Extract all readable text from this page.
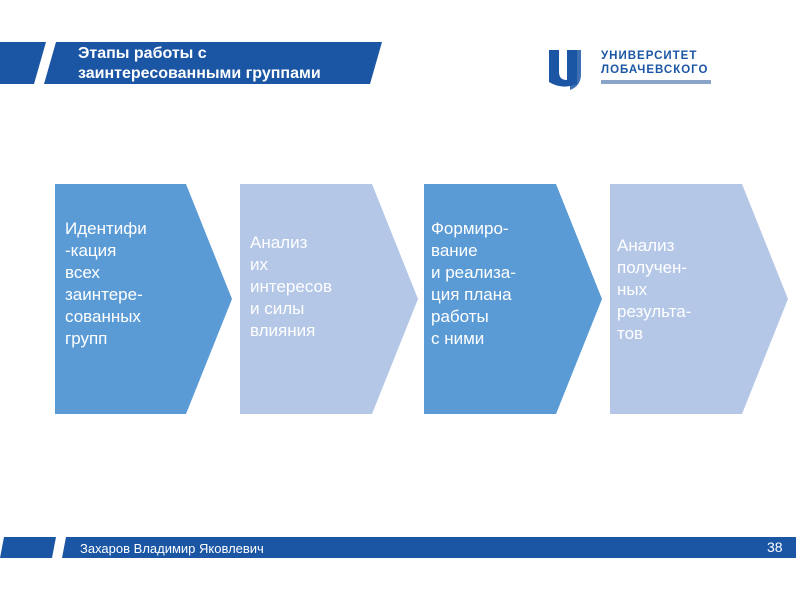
Этапы работы с
заинтересованными группами
УНИВЕРСИТЕТ
ЛОБАЧЕВСКОГО
Идентифи
-кация
всех
заинтере-
сованных
групп
Анализ
их
интересов
и силы
влияния
Формиро-
вание
и реализа-
ция плана
работы
с ними
Анализ
получен-
ных
результа-
тов
Захаров Владимир Яковлевич	38
